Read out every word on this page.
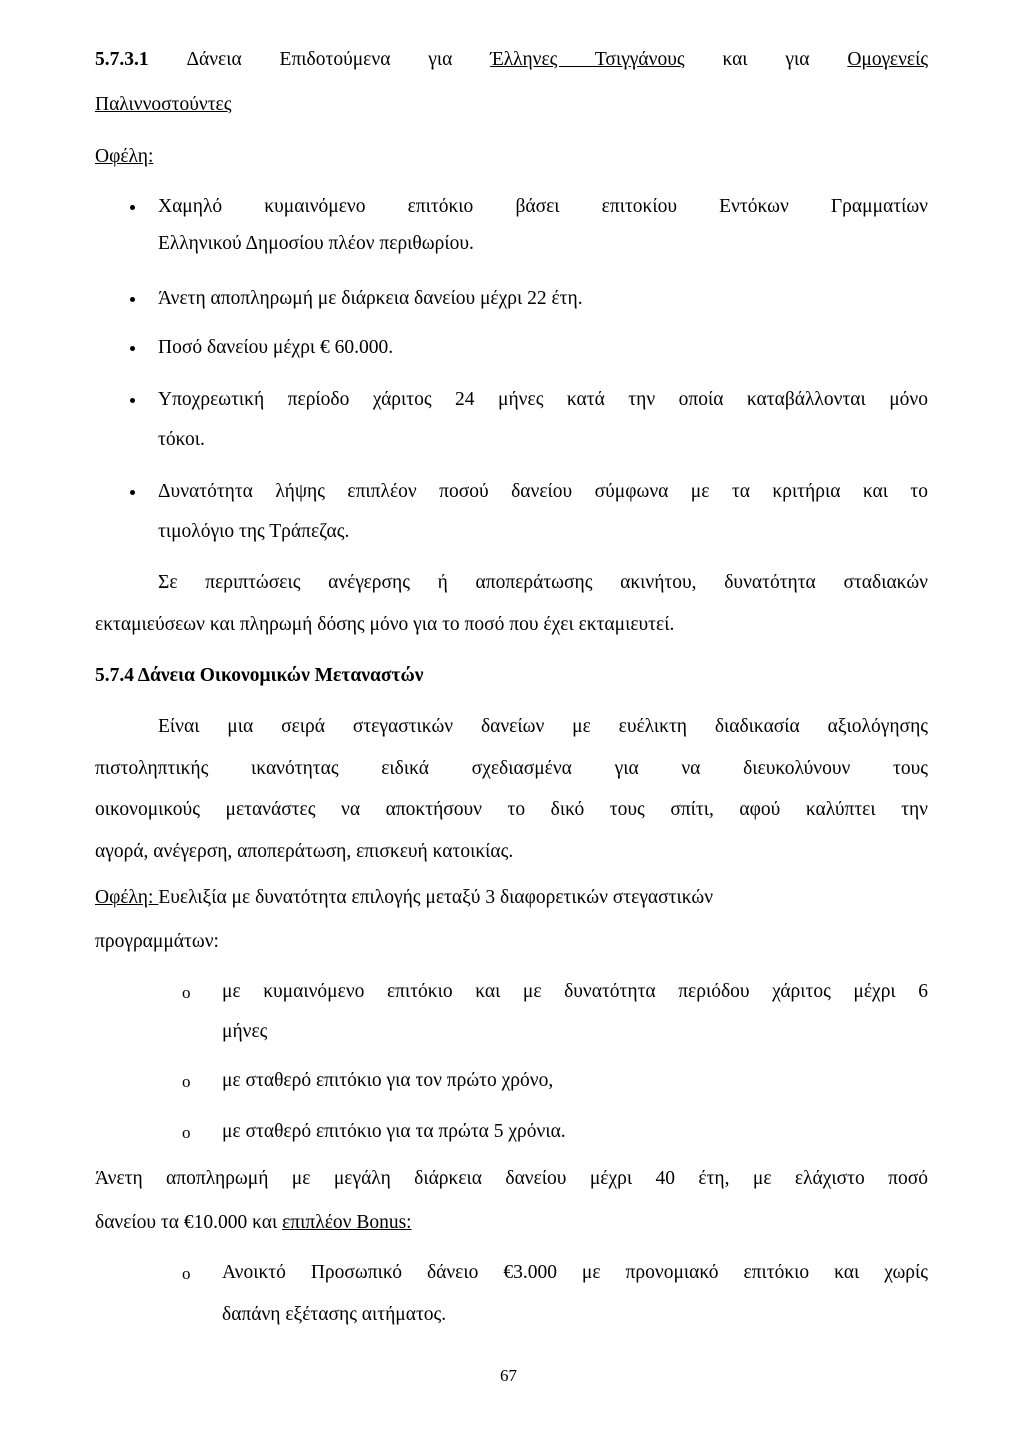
5.7.3.1 Δάνεια Επιδοτούμενα για Έλληνες Τσιγγάνους και για Ομογενείς
Παλιννοστούντες
Οφέλη:
Χαμηλό κυμαινόμενο επιτόκιο βάσει επιτοκίου Εντόκων Γραμματίων
Ελληνικού Δημοσίου πλέον περιθωρίου.
Άνετη αποπληρωμή με διάρκεια δανείου μέχρι 22 έτη.
Ποσό δανείου μέχρι € 60.000.
Υποχρεωτική περίοδο χάριτος 24 μήνες κατά την οποία καταβάλλονται μόνο
τόκοι.
Δυνατότητα λήψης επιπλέον ποσού δανείου σύμφωνα με τα κριτήρια και το
τιμολόγιο της Τράπεζας.
Σε περιπτώσεις ανέγερσης ή αποπεράτωσης ακινήτου, δυνατότητα σταδιακών
εκταμιεύσεων και πληρωμή δόσης μόνο για το ποσό που έχει εκταμιευτεί.
5.7.4 Δάνεια Οικονομικών Μεταναστών
Είναι μια σειρά στεγαστικών δανείων με ευέλικτη διαδικασία αξιολόγησης
πιστοληπτικής ικανότητας ειδικά σχεδιασμένα για να διευκολύνουν τους
οικονομικούς μετανάστες να αποκτήσουν το δικό τους σπίτι, αφού καλύπτει την
αγορά, ανέγερση, αποπεράτωση, επισκευή κατοικίας.
Οφέλη: Ευελιξία με δυνατότητα επιλογής μεταξύ 3 διαφορετικών στεγαστικών
προγραμμάτων:
o με κυμαινόμενο επιτόκιο και με δυνατότητα περιόδου χάριτος μέχρι 6
μήνες
o με σταθερό επιτόκιο για τον πρώτο χρόνο,
o με σταθερό επιτόκιο για τα πρώτα 5 χρόνια.
Άνετη αποπληρωμή με μεγάλη διάρκεια δανείου μέχρι 40 έτη, με ελάχιστο ποσό
δανείου τα €10.000 και επιπλέον Bonus:
o Ανοικτό Προσωπικό δάνειο €3.000 με προνομιακό επιτόκιο και χωρίς
δαπάνη εξέτασης αιτήματος.
67
